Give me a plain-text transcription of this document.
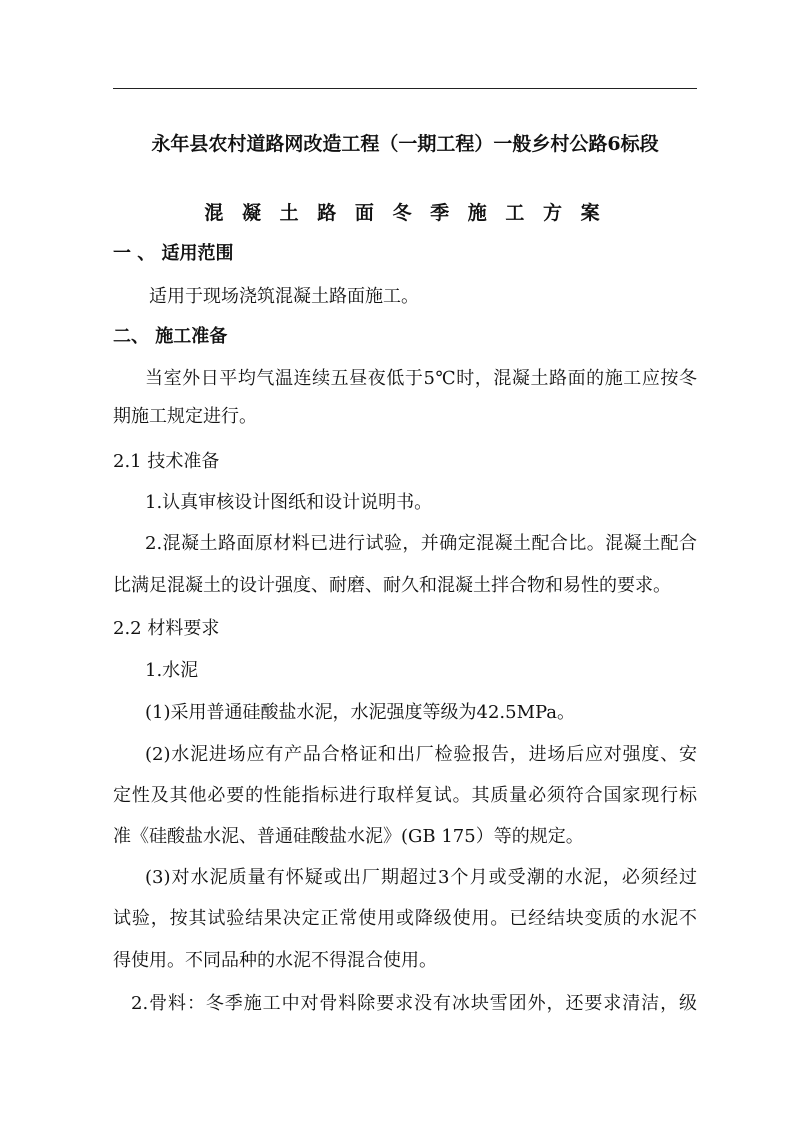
永年县农村道路网改造工程（一期工程）一般乡村公路6标段
混 凝 土 路 面 冬 季 施 工 方 案
一 、 适用范围
适用于现场浇筑混凝土路面施工。
二、 施工准备
当室外日平均气温连续五昼夜低于5℃时，混凝土路面的施工应按冬
期施工规定进行。
2.1 技术准备
1.认真审核设计图纸和设计说明书。
2.混凝土路面原材料已进行试验，并确定混凝土配合比。混凝土配合
比满足混凝土的设计强度、耐磨、耐久和混凝土拌合物和易性的要求。
2.2 材料要求
1.水泥
(1)采用普通硅酸盐水泥，水泥强度等级为42.5MPa。
(2)水泥进场应有产品合格证和出厂检验报告，进场后应对强度、安
定性及其他必要的性能指标进行取样复试。其质量必须符合国家现行标
准《硅酸盐水泥、普通硅酸盐水泥》(GB 175）等的规定。
(3)对水泥质量有怀疑或出厂期超过3个月或受潮的水泥，必须经过
试验，按其试验结果决定正常使用或降级使用。已经结块变质的水泥不
得使用。不同品种的水泥不得混合使用。
2.骨料：冬季施工中对骨料除要求没有冰块雪团外，还要求清洁，级
